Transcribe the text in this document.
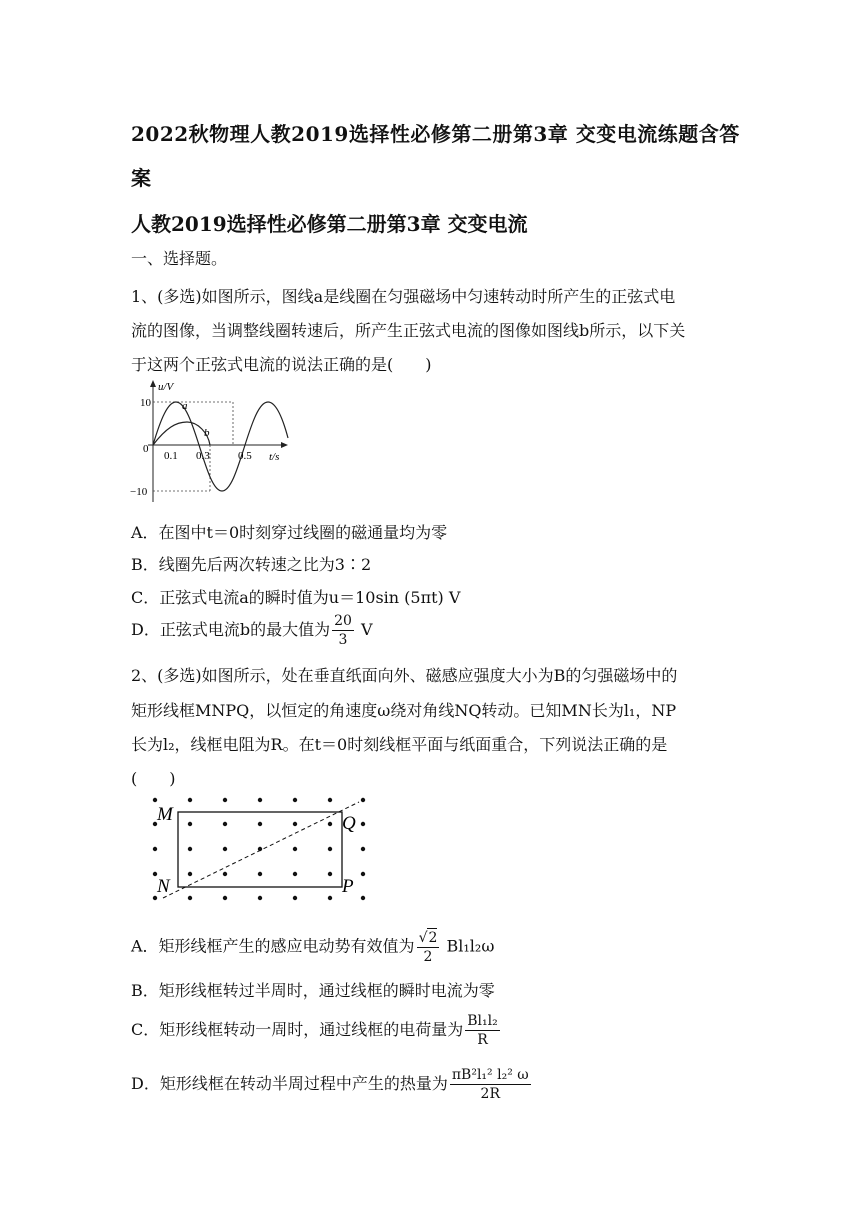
2022秋物理人教2019选择性必修第二册第3章 交变电流练题含答
案
人教2019选择性必修第二册第3章 交变电流
一、选择题。
1、(多选)如图所示，图线a是线圈在匀强磁场中匀速转动时所产生的正弦式电
流的图像，当调整线圈转速后，所产生正弦式电流的图像如图线b所示，以下关
于这两个正弦式电流的说法正确的是(　　)
10
−10
0
0.1 0.3	0.5
u/V
t/s
a
b
A．在图中t＝0时刻穿过线圈的磁通量均为零
B．线圈先后两次转速之比为3∶2
C．正弦式电流a的瞬时值为u＝10sin (5πt) V
D．正弦式电流b的最大值为 $\frac{20}{3}$ V
2、(多选)如图所示，处在垂直纸面向外、磁感应强度大小为B的匀强磁场中的
矩形线框MNPQ，以恒定的角速度ω绕对角线NQ转动。已知MN长为l₁，NP
长为l₂，线框电阻为R。在t＝0时刻线框平面与纸面重合，下列说法正确的是
(　　)
M
N	P
Q
A．矩形线框产生的感应电动势有效值为 $\frac{√2}{2} Bl_1l_2\omega$
B．矩形线框转过半周时，通过线框的瞬时电流为零
C．矩形线框转动一周时，通过线框的电荷量为 $\frac{\text{Bl₁l₂}}{R}$
D．矩形线框在转动半周过程中产生的热量为 $\frac{\text{πB²l₁² l₂² ω}}{2R}$
